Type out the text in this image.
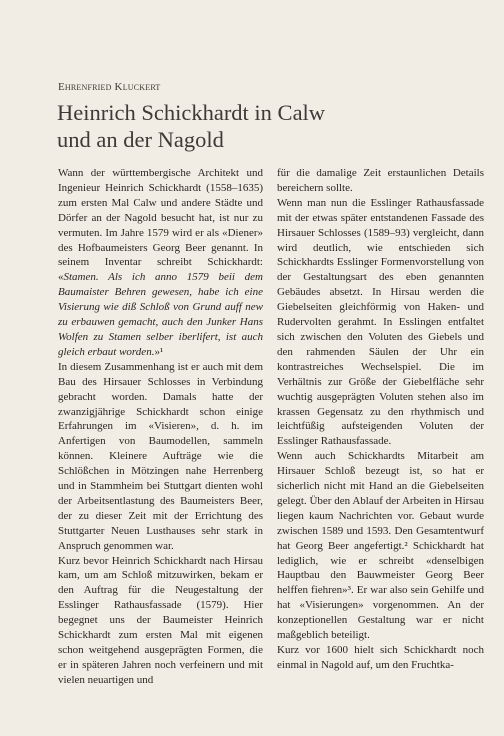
Ehrenfried Kluckert
Heinrich Schickhardt in Calw
und an der Nagold

Wann der württembergische Architekt und Ingenieur Heinrich Schickhardt (1558–1635) zum ersten Mal Calw und andere Städte und Dörfer an der Nagold besucht hat, ist nur zu vermuten. Im Jahre 1579 wird er als «Diener» des Hofbaumeisters Georg Beer genannt. In seinem Inventar schreibt Schickhardt: «Stamen. Als ich anno 1579 beii dem Baumaister Behren gewesen, habe ich eine Visierung wie diß Schloß von Grund auff new zu erbauwen gemacht, auch den Junker Hans Wolfen zu Stamen selber iberlifert, ist auch gleich erbaut worden.»¹

In diesem Zusammenhang ist er auch mit dem Bau des Hirsauer Schlosses in Verbindung gebracht worden. Damals hatte der zwanzigjährige Schickhardt schon einige Erfahrungen im «Visieren», d. h. im Anfertigen von Baumodellen, sammeln können. Kleinere Aufträge wie die Schlößchen in Mötzingen nahe Herrenberg und in Stammheim bei Stuttgart dienten wohl der Arbeitsentlastung des Baumeisters Beer, der zu dieser Zeit mit der Errichtung des Stuttgarter Neuen Lusthauses sehr stark in Anspruch genommen war.

Kurz bevor Heinrich Schickhardt nach Hirsau kam, um am Schloß mitzuwirken, bekam er den Auftrag für die Neugestaltung der Esslinger Rathausfassade (1579). Hier begegnet uns der Baumeister Heinrich Schickhardt zum ersten Mal mit eigenen schon weitgehend ausgeprägten Formen, die er in späteren Jahren noch verfeinern und mit vielen neuartigen und

für die damalige Zeit erstaunlichen Details bereichern sollte.

Wenn man nun die Esslinger Rathausfassade mit der etwas später entstandenen Fassade des Hirsauer Schlosses (1589–93) vergleicht, dann wird deutlich, wie entschieden sich Schickhardts Esslinger Formenvorstellung von der Gestaltungsart des eben genannten Gebäudes absetzt. In Hirsau werden die Giebelseiten gleichförmig von Haken- und Rudervolten gerahmt. In Esslingen entfaltet sich zwischen den Voluten des Giebels und den rahmenden Säulen der Uhr ein kontrastreiches Wechselspiel. Die im Verhältnis zur Größe der Giebelfläche sehr wuchtig ausgeprägten Voluten stehen also im krassen Gegensatz zu den rhythmisch und leichtfüßig aufsteigenden Voluten der Esslinger Rathausfassade.

Wenn auch Schickhardts Mitarbeit am Hirsauer Schloß bezeugt ist, so hat er sicherlich nicht mit Hand an die Giebelseiten gelegt. Über den Ablauf der Arbeiten in Hirsau liegen kaum Nachrichten vor. Gebaut wurde zwischen 1589 und 1593. Den Gesamtentwurf hat Georg Beer angefertigt.² Schickhardt hat lediglich, wie er schreibt «denselbigen Hauptbau den Bauwmeister Georg Beer helffen fiehren»³. Er war also sein Gehilfe und hat «Visierungen» vorgenommen. An der konzeptionellen Gestaltung war er nicht maßgeblich beteiligt.

Kurz vor 1600 hielt sich Schickhardt noch einmal in Nagold auf, um den Fruchtka-
